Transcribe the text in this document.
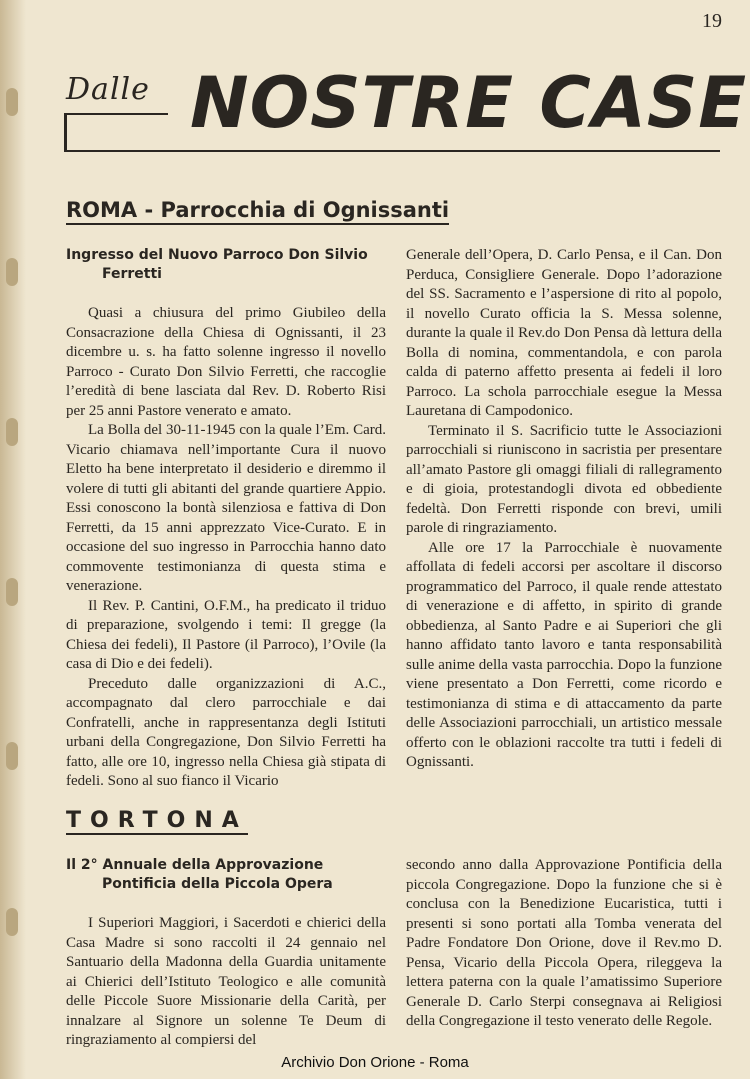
19
Dalle NOSTRE CASE
ROMA - Parrocchia di Ognissanti
Ingresso del Nuovo Parroco Don Silvio Ferretti

Quasi a chiusura del primo Giubileo della Consacrazione della Chiesa di Ognissanti, il 23 dicembre u. s. ha fatto solenne ingresso il novello Parroco - Curato Don Silvio Ferretti, che raccoglie l’eredità di bene lasciata dal Rev. D. Roberto Risi per 25 anni Pastore venerato e amato.

La Bolla del 30-11-1945 con la quale l’Em. Card. Vicario chiamava nell’importante Cura il nuovo Eletto ha bene interpretato il desiderio e diremmo il volere di tutti gli abitanti del grande quartiere Appio. Essi conoscono la bontà silenziosa e fattiva di Don Ferretti, da 15 anni apprezzato Vice-Curato. E in occasione del suo ingresso in Parrocchia hanno dato commovente testimonianza di questa stima e venerazione.

Il Rev. P. Cantini, O.F.M., ha predicato il triduo di preparazione, svolgendo i temi: Il gregge (la Chiesa dei fedeli), Il Pastore (il Parroco), l’Ovile (la casa di Dio e dei fedeli).

Preceduto dalle organizzazioni di A.C., accompagnato dal clero parrocchiale e dai Confratelli, anche in rappresentanza degli Istituti urbani della Congregazione, Don Silvio Ferretti ha fatto, alle ore 10, ingresso nella Chiesa già stipata di fedeli. Sono al suo fianco il Vicario

Generale dell’Opera, D. Carlo Pensa, e il Can. Don Perduca, Consigliere Generale. Dopo l’adorazione del SS. Sacramento e l’aspersione di rito al popolo, il novello Curato officia la S. Messa solenne, durante la quale il Rev.do Don Pensa dà lettura della Bolla di nomina, commentandola, e con parola calda di paterno affetto presenta ai fedeli il loro Parroco. La schola parrocchiale esegue la Messa Lauretana di Campodonico.

Terminato il S. Sacrificio tutte le Associazioni parrocchiali si riuniscono in sacristia per presentare all’amato Pastore gli omaggi filiali di rallegramento e di gioia, protestandogli divota ed obbediente fedeltà. Don Ferretti risponde con brevi, umili parole di ringraziamento.

Alle ore 17 la Parrocchiale è nuovamente affollata di fedeli accorsi per ascoltare il discorso programmatico del Parroco, il quale rende attestato di venerazione e di affetto, in spirito di grande obbedienza, al Santo Padre e ai Superiori che gli hanno affidato tanto lavoro e tanta responsabilità sulle anime della vasta parrocchia. Dopo la funzione viene presentato a Don Ferretti, come ricordo e testimonianza di stima e di attaccamento da parte delle Associazioni parrocchiali, un artistico messale offerto con le oblazioni raccolte tra tutti i fedeli di Ognissanti.

TORTONA
Il 2° Annuale della Approvazione Pontificia della Piccola Opera

I Superiori Maggiori, i Sacerdoti e chierici della Casa Madre si sono raccolti il 24 gennaio nel Santuario della Madonna della Guardia unitamente ai Chierici dell’Istituto Teologico e alle comunità delle Piccole Suore Missionarie della Carità, per innalzare al Signore un solenne Te Deum di ringraziamento al compiersi del

secondo anno dalla Approvazione Pontificia della piccola Congregazione. Dopo la funzione che si è conclusa con la Benedizione Eucaristica, tutti i presenti si sono portati alla Tomba venerata del Padre Fondatore Don Orione, dove il Rev.mo D. Pensa, Vicario della Piccola Opera, rileggeva la lettera paterna con la quale l’amatissimo Superiore Generale D. Carlo Sterpi consegnava ai Religiosi della Congregazione il testo venerato delle Regole.

Archivio Don Orione - Roma
